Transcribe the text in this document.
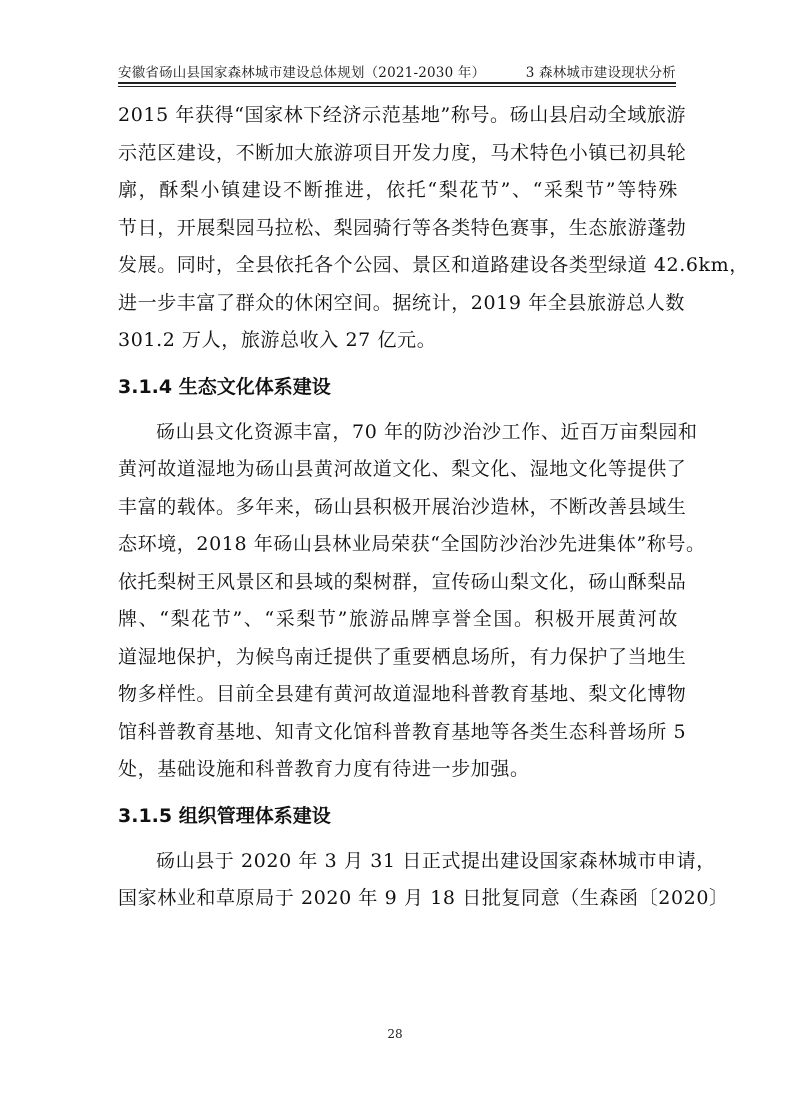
安徽省砀山县国家森林城市建设总体规划（2021-2030 年）	3 森林城市建设现状分析

2015 年获得“国家林下经济示范基地”称号。砀山县启动全域旅游
示范区建设，不断加大旅游项目开发力度，马术特色小镇已初具轮
廓，酥梨小镇建设不断推进，依托“梨花节”、“采梨节”等特殊
节日，开展梨园马拉松、梨园骑行等各类特色赛事，生态旅游蓬勃
发展。同时，全县依托各个公园、景区和道路建设各类型绿道 42.6km，
进一步丰富了群众的休闲空间。据统计，2019 年全县旅游总人数
301.2 万人，旅游总收入 27 亿元。

3.1.4 生态文化体系建设

砀山县文化资源丰富，70 年的防沙治沙工作、近百万亩梨园和
黄河故道湿地为砀山县黄河故道文化、梨文化、湿地文化等提供了
丰富的载体。多年来，砀山县积极开展治沙造林，不断改善县域生
态环境，2018 年砀山县林业局荣获“全国防沙治沙先进集体”称号。
依托梨树王风景区和县域的梨树群，宣传砀山梨文化，砀山酥梨品
牌、“梨花节”、“采梨节”旅游品牌享誉全国。积极开展黄河故
道湿地保护，为候鸟南迁提供了重要栖息场所，有力保护了当地生
物多样性。目前全县建有黄河故道湿地科普教育基地、梨文化博物
馆科普教育基地、知青文化馆科普教育基地等各类生态科普场所 5
处，基础设施和科普教育力度有待进一步加强。

3.1.5 组织管理体系建设

砀山县于 2020 年 3 月 31 日正式提出建设国家森林城市申请，
国家林业和草原局于 2020 年 9 月 18 日批复同意（生森函〔2020〕

28
